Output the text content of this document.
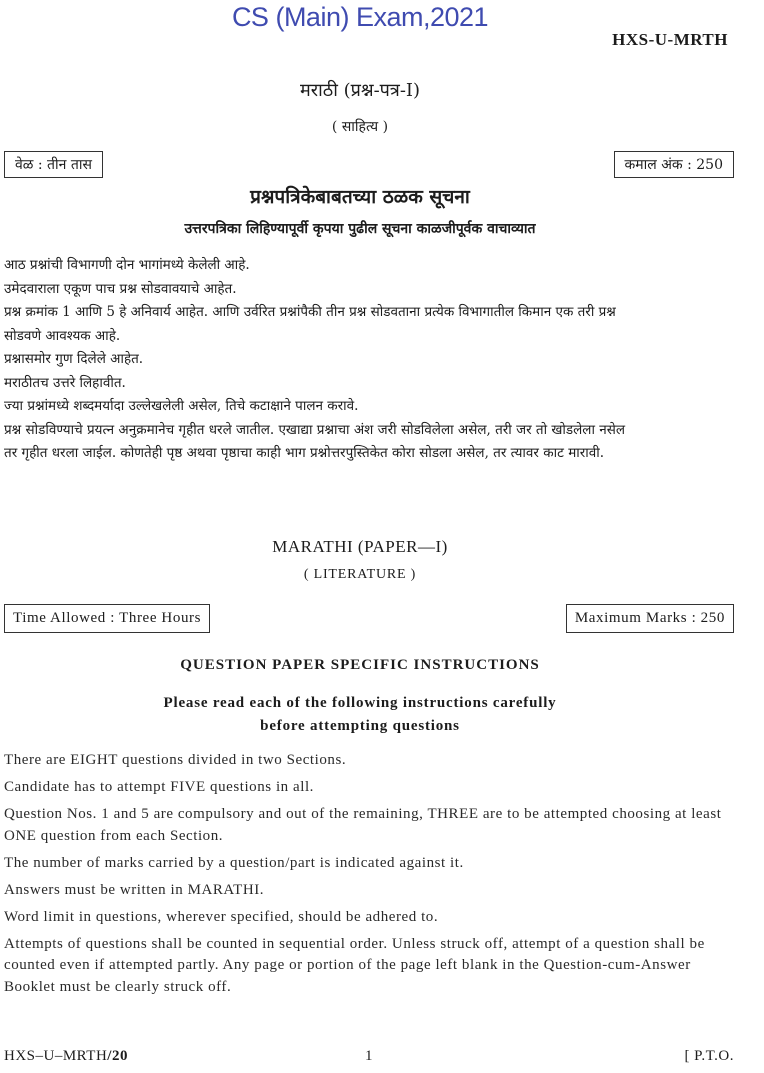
CS (Main) Exam,2021
HXS-U-MRTH
मराठी (प्रश्न-पत्र-I)
( साहित्य )
वेळ : तीन तास	कमाल अंक : 250
प्रश्नपत्रिकेबाबतच्या ठळक सूचना
उत्तरपत्रिका लिहिण्यापूर्वी कृपया पुढील सूचना काळजीपूर्वक वाचाव्यात
आठ प्रश्नांची विभागणी दोन भागांमध्ये केलेली आहे.
उमेदवाराला एकूण पाच प्रश्न सोडवावयाचे आहेत.
प्रश्न क्रमांक 1 आणि 5 हे अनिवार्य आहेत. आणि उर्वरित प्रश्नांपैकी तीन प्रश्न सोडवताना प्रत्येक विभागातील किमान एक तरी प्रश्न
सोडवणे आवश्यक आहे.
प्रश्नासमोर गुण दिलेले आहेत.
मराठीतच उत्तरे लिहावीत.
ज्या प्रश्नांमध्ये शब्दमर्यादा उल्लेखलेली असेल, तिचे कटाक्षाने पालन करावे.
प्रश्न सोडविण्याचे प्रयत्न अनुक्रमानेच गृहीत धरले जातील. एखाद्या प्रश्नाचा अंश जरी सोडविलेला असेल, तरी जर तो खोडलेला नसेल
तर गृहीत धरला जाईल. कोणतेही पृष्ठ अथवा पृष्ठाचा काही भाग प्रश्नोत्तरपुस्तिकेत कोरा सोडला असेल, तर त्यावर काट मारावी.
MARATHI (PAPER—I)
( LITERATURE )
Time Allowed : Three Hours	Maximum Marks : 250
QUESTION PAPER SPECIFIC INSTRUCTIONS
Please read each of the following instructions carefully
before attempting questions
There are EIGHT questions divided in two Sections.
Candidate has to attempt FIVE questions in all.
Question Nos. 1 and 5 are compulsory and out of the remaining, THREE are to be attempted choosing at least ONE question from each Section.
The number of marks carried by a question/part is indicated against it.
Answers must be written in MARATHI.
Word limit in questions, wherever specified, should be adhered to.
Attempts of questions shall be counted in sequential order. Unless struck off, attempt of a question shall be counted even if attempted partly. Any page or portion of the page left blank in the Question-cum-Answer Booklet must be clearly struck off.
HXS–U–MRTH/20	1	[ P.T.O.
